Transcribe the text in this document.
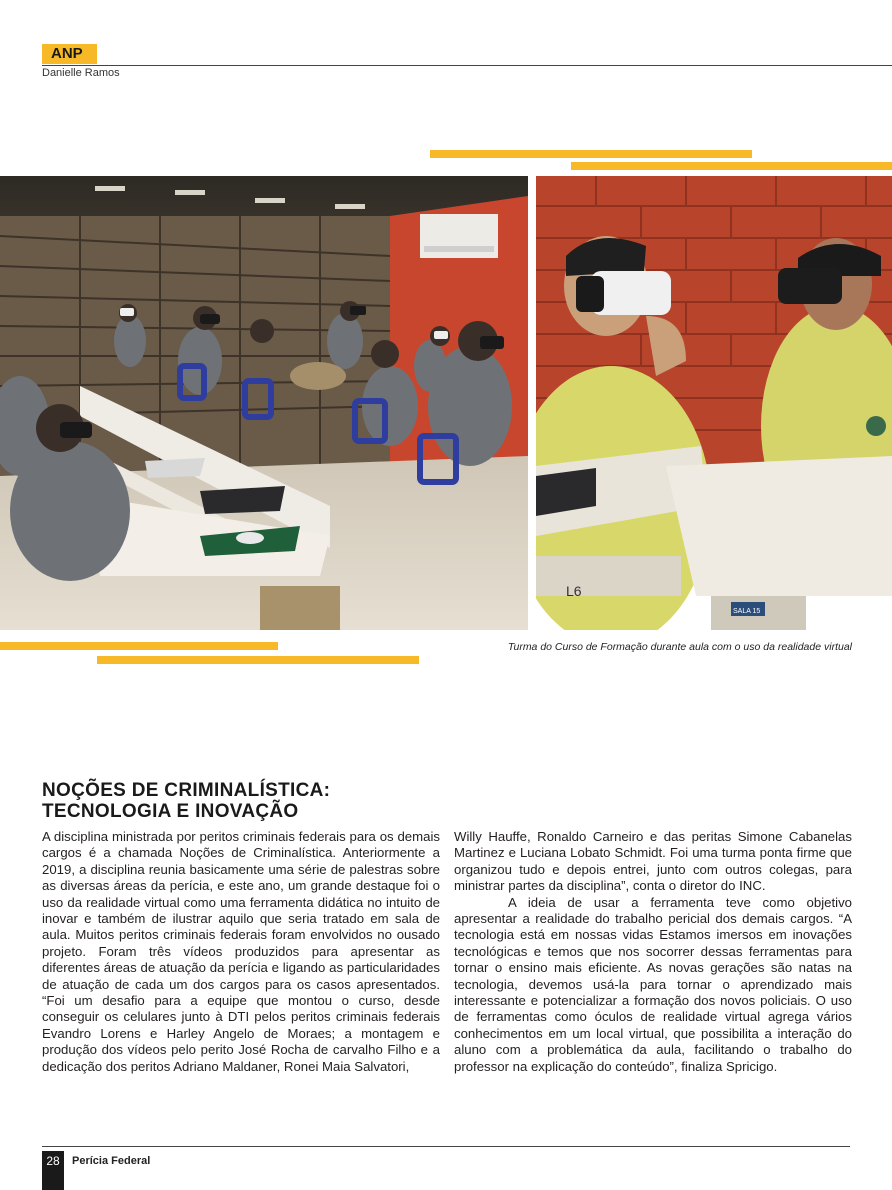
ANP
Danielle Ramos
L6
SALA 15
Turma do Curso de Formação durante aula com o uso da realidade virtual
NOÇÕES DE CRIMINALÍSTICA:
TECNOLOGIA E INOVAÇÃO

A disciplina ministrada por peritos criminais federais para os demais cargos é a chamada Noções de Criminalística. Anteriormente a 2019, a disciplina reunia basicamente uma série de palestras sobre as diversas áreas da perícia, e este ano, um grande destaque foi o uso da realidade virtual como uma ferramenta didática no intuito de inovar e também de ilustrar aquilo que seria tratado em sala de aula. Muitos peritos criminais federais foram envolvidos no ousado projeto. Foram três vídeos produzidos para apresentar as diferentes áreas de atuação da perícia e ligando as particularidades de atuação de cada um dos cargos para os casos apresentados. “Foi um desafio para a equipe que montou o curso, desde conseguir os celulares junto à DTI pelos peritos criminais federais Evandro Lorens e Harley Angelo de Moraes; a montagem e produção dos vídeos pelo perito José Rocha de carvalho Filho e a dedicação dos peritos Adriano Maldaner, Ronei Maia Salvatori,

Willy Hauffe, Ronaldo Carneiro e das peritas Simone Cabanelas Martinez e Luciana Lobato Schmidt. Foi uma turma ponta firme que organizou tudo e depois entrei, junto com outros colegas, para ministrar partes da disciplina”, conta o diretor do INC.

A ideia de usar a ferramenta teve como objetivo apresentar a realidade do trabalho pericial dos demais cargos. “A tecnologia está em nossas vidas Estamos imersos em inovações tecnológicas e temos que nos socorrer dessas ferramentas para tornar o ensino mais eficiente. As novas gerações são natas na tecnologia, devemos usá-la para tornar o aprendizado mais interessante e potencializar a formação dos novos policiais. O uso de ferramentas como óculos de realidade virtual agrega vários conhecimentos em um local virtual, que possibilita a interação do aluno com a problemática da aula, facilitando o trabalho do professor na explicação do conteúdo”, finaliza Spricigo.

28	Perícia Federal
